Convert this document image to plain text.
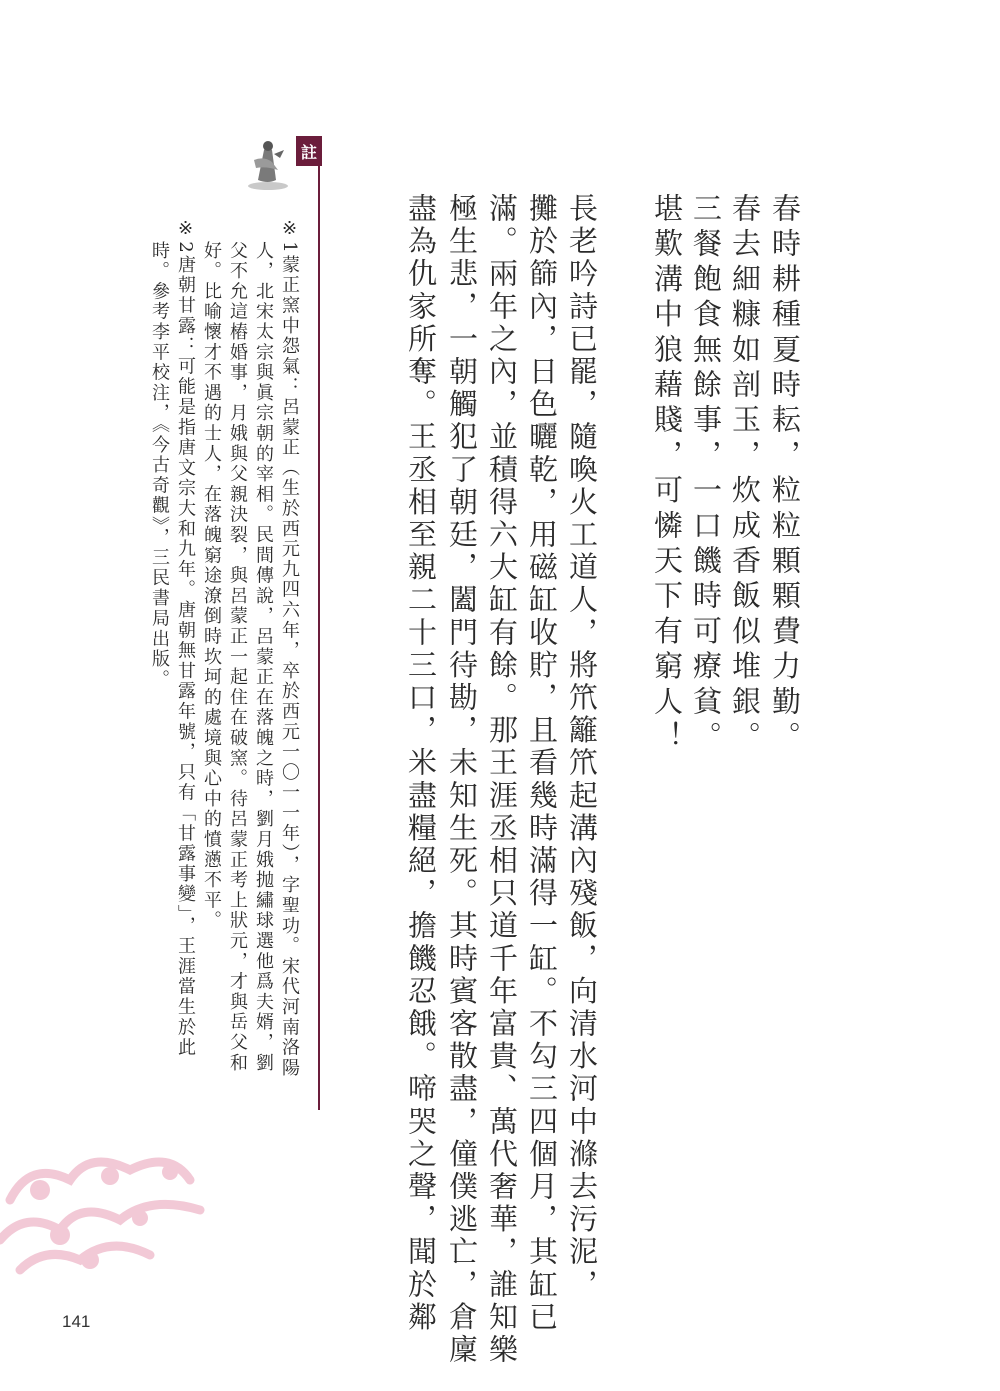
春時耕種夏時耘，粒粒顆顆費力勤。
春去細糠如剖玉，炊成香飯似堆銀。
三餐飽食無餘事，一口饑時可療貧。
堪歎溝中狼藉賤，可憐天下有窮人！
長老吟詩已罷，隨喚火工道人，將笊籬笊起溝內殘飯，向清水河中滌去污泥，
攤於篩內，日色曬乾，用磁缸收貯，且看幾時滿得一缸。不勾三四個月，其缸已
滿。兩年之內，並積得六大缸有餘。那王涯丞相只道千年富貴、萬代奢華，誰知樂
極生悲，一朝觸犯了朝廷，闔門待勘，未知生死。其時賓客散盡，僮僕逃亡，倉廩
盡為仇家所奪。王丞相至親二十三口，米盡糧絕，擔饑忍餓。啼哭之聲，聞於鄰
註
※1蒙正窯中怨氣：呂蒙正（生於西元九四六年，卒於西元一〇一一年），字聖功。宋代河南洛陽
人，北宋太宗與眞宗朝的宰相。民間傳說，呂蒙正在落魄之時，劉月娥抛繡球選他爲夫婿，劉
父不允這樁婚事，月娥與父親決裂，與呂蒙正一起住在破窯。待呂蒙正考上狀元，才與岳父和
好。比喻懷才不遇的士人，在落魄窮途潦倒時坎坷的處境與心中的憤懣不平。
※2唐朝甘露：可能是指唐文宗大和九年。唐朝無甘露年號，只有「甘露事變」，王涯當生於此
時。參考李平校注，《今古奇觀》，三民書局出版。
141
